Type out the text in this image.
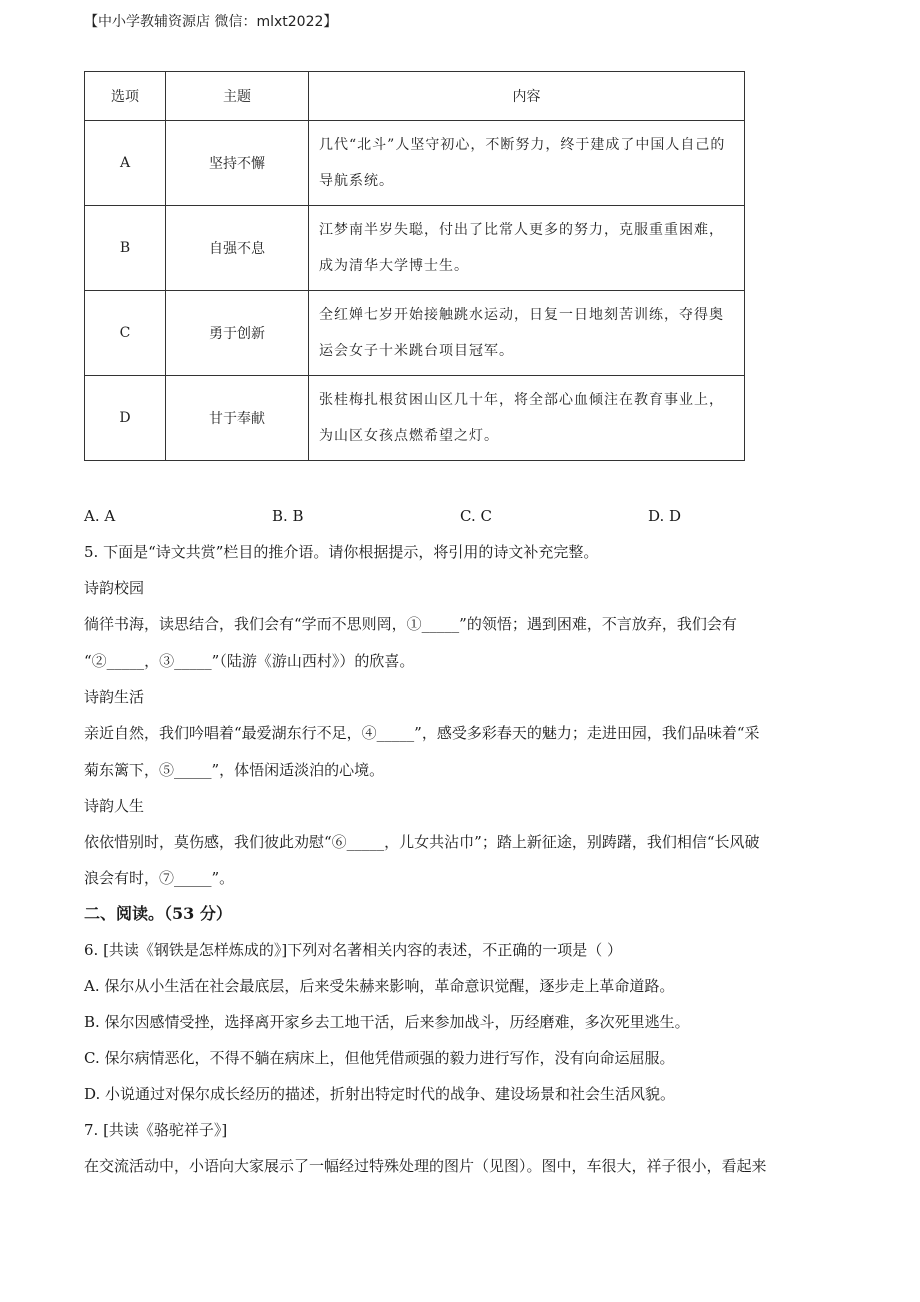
【中小学教辅资源店 微信：mlxt2022】
选项	主题	内容
A	坚持不懈	几代“北斗”人坚守初心，不断努力，终于建成了中国人自己的导航系统。
B	自强不息	江梦南半岁失聪，付出了比常人更多的努力，克服重重困难，成为清华大学博士生。
C	勇于创新	全红婵七岁开始接触跳水运动，日复一日地刻苦训练，夺得奥运会女子十米跳台项目冠军。
D	甘于奉献	张桂梅扎根贫困山区几十年，将全部心血倾注在教育事业上，为山区女孩点燃希望之灯。
A. A	B. B	C. C	D. D
5. 下面是“诗文共赏”栏目的推介语。请你根据提示，将引用的诗文补充完整。
诗韵校园
徜徉书海，读思结合，我们会有“学而不思则罔，①_____”的领悟；遇到困难，不言放弃，我们会有
“②_____，③_____”（陆游《游山西村》）的欣喜。
诗韵生活
亲近自然，我们吟唱着“最爱湖东行不足，④_____”，感受多彩春天的魅力；走进田园，我们品味着“采
菊东篱下，⑤_____”，体悟闲适淡泊的心境。
诗韵人生
依依惜别时，莫伤感，我们彼此劝慰“⑥_____，儿女共沾巾”；踏上新征途，别踌躇，我们相信“长风破
浪会有时，⑦_____”。
二、阅读。（53 分）
6. [共读《钢铁是怎样炼成的》]下列对名著相关内容的表述，不正确的一项是（ ）
A. 保尔从小生活在社会最底层，后来受朱赫来影响，革命意识觉醒，逐步走上革命道路。
B. 保尔因感情受挫，选择离开家乡去工地干活，后来参加战斗，历经磨难，多次死里逃生。
C. 保尔病情恶化，不得不躺在病床上，但他凭借顽强的毅力进行写作，没有向命运屈服。
D. 小说通过对保尔成长经历的描述，折射出特定时代的战争、建设场景和社会生活风貌。
7. [共读《骆驼祥子》]
在交流活动中，小语向大家展示了一幅经过特殊处理的图片（见图）。图中，车很大，祥子很小，看起来
